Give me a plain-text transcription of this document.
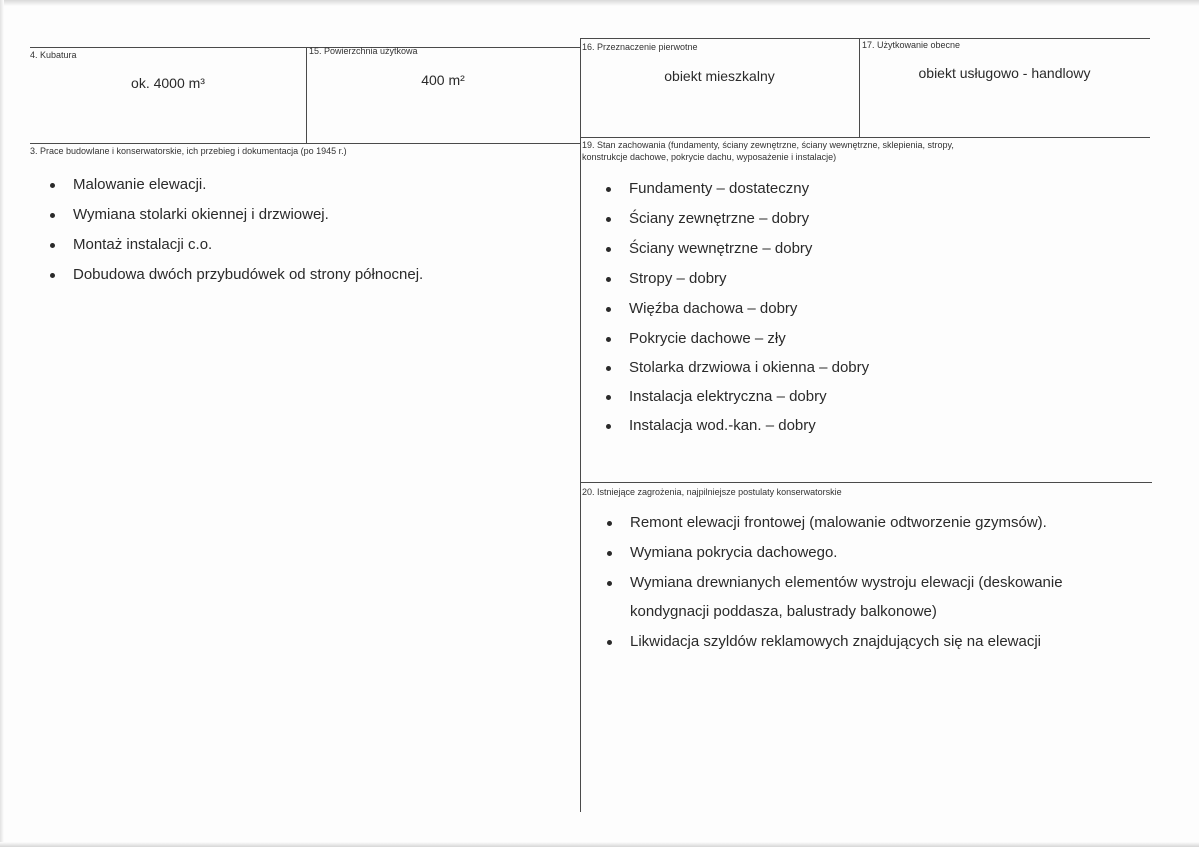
4. Kubatura
ok. 4000 m³
15. Powierzchnia użytkowa
400 m²
16. Przeznaczenie pierwotne
obiekt mieszkalny
17. Użytkowanie obecne
obiekt usługowo - handlowy
3. Prace budowlane i konserwatorskie, ich przebieg i dokumentacja (po 1945 r.)
Malowanie elewacji.
Wymiana stolarki okiennej i drzwiowej.
Montaż instalacji c.o.
Dobudowa dwóch przybudówek od strony północnej.
19. Stan zachowania (fundamenty, ściany zewnętrzne, ściany wewnętrzne, sklepienia, stropy,
konstrukcje dachowe, pokrycie dachu, wyposażenie i instalacje)
Fundamenty – dostateczny
Ściany zewnętrzne – dobry
Ściany wewnętrzne – dobry
Stropy – dobry
Więźba dachowa – dobry
Pokrycie dachowe – zły
Stolarka drzwiowa i okienna – dobry
Instalacja elektryczna – dobry
Instalacja wod.-kan. – dobry
20. Istniejące zagrożenia, najpilniejsze postulaty konserwatorskie
Remont elewacji frontowej (malowanie odtworzenie gzymsów).
Wymiana pokrycia dachowego.
Wymiana drewnianych elementów wystroju elewacji (deskowanie
kondygnacji poddasza, balustrady balkonowe)
Likwidacja szyldów reklamowych znajdujących się na elewacji
